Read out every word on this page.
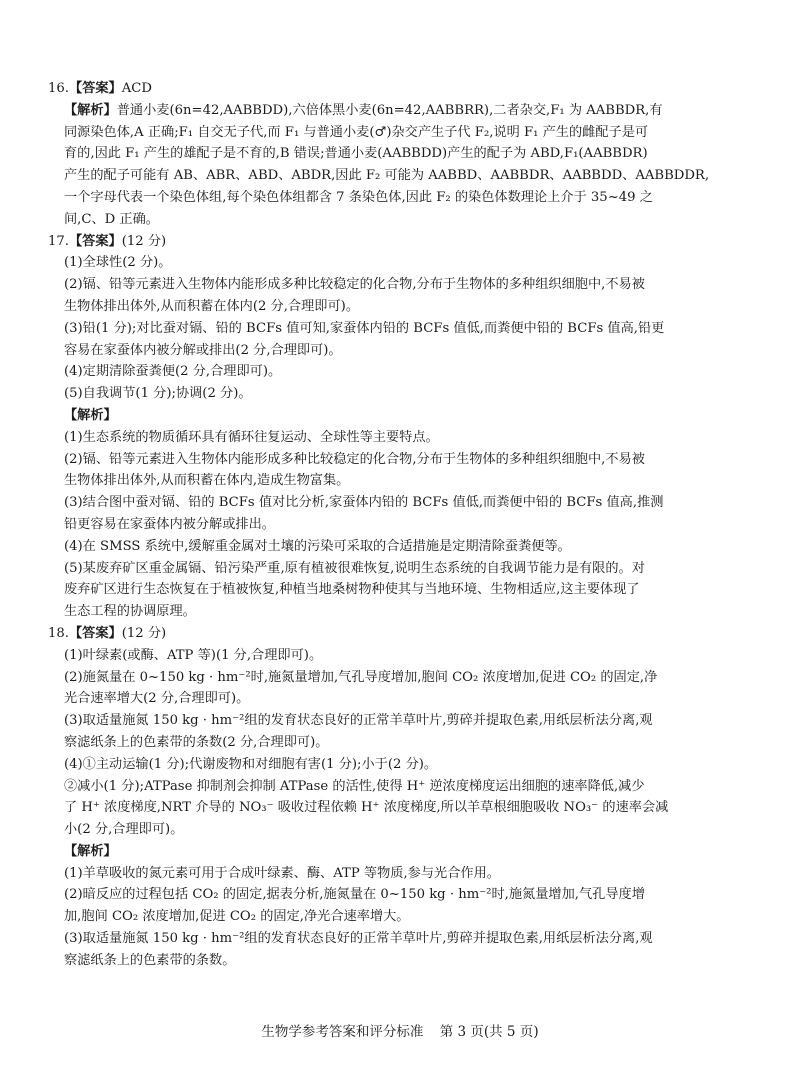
16.【答案】ACD

【解析】普通小麦(6n=42,AABBDD),六倍体黑小麦(6n=42,AABBRR),二者杂交,F₁ 为 AABBDR,有

同源染色体,A 正确;F₁ 自交无子代,而 F₁ 与普通小麦(♂)杂交产生子代 F₂,说明 F₁ 产生的雌配子是可

育的,因此 F₁ 产生的雄配子是不育的,B 错误;普通小麦(AABBDD)产生的配子为 ABD,F₁(AABBDR)

产生的配子可能有 AB、ABR、ABD、ABDR,因此 F₂ 可能为 AABBD、AABBDR、AABBDD、AABBDDR,

一个字母代表一个染色体组,每个染色体组都含 7 条染色体,因此 F₂ 的染色体数理论上介于 35~49 之

间,C、D 正确。

17.【答案】(12 分)

(1)全球性(2 分)。

(2)镉、铅等元素进入生物体内能形成多种比较稳定的化合物,分布于生物体的多种组织细胞中,不易被

生物体排出体外,从而积蓄在体内(2 分,合理即可)。

(3)铅(1 分);对比蚕对镉、铅的 BCFs 值可知,家蚕体内铅的 BCFs 值低,而粪便中铅的 BCFs 值高,铅更

容易在家蚕体内被分解或排出(2 分,合理即可)。

(4)定期清除蚕粪便(2 分,合理即可)。

(5)自我调节(1 分);协调(2 分)。

【解析】

(1)生态系统的物质循环具有循环往复运动、全球性等主要特点。

(2)镉、铅等元素进入生物体内能形成多种比较稳定的化合物,分布于生物体的多种组织细胞中,不易被

生物体排出体外,从而积蓄在体内,造成生物富集。

(3)结合图中蚕对镉、铅的 BCFs 值对比分析,家蚕体内铅的 BCFs 值低,而粪便中铅的 BCFs 值高,推测

铅更容易在家蚕体内被分解或排出。

(4)在 SMSS 系统中,缓解重金属对土壤的污染可采取的合适措施是定期清除蚕粪便等。

(5)某废弃矿区重金属镉、铅污染严重,原有植被很难恢复,说明生态系统的自我调节能力是有限的。对

废弃矿区进行生态恢复在于植被恢复,种植当地桑树物种使其与当地环境、生物相适应,这主要体现了

生态工程的协调原理。

18.【答案】(12 分)

(1)叶绿素(或酶、ATP 等)(1 分,合理即可)。

(2)施氮量在 0~150 kg · hm⁻²时,施氮量增加,气孔导度增加,胞间 CO₂ 浓度增加,促进 CO₂ 的固定,净

光合速率增大(2 分,合理即可)。

(3)取适量施氮 150 kg · hm⁻²组的发育状态良好的正常羊草叶片,剪碎并提取色素,用纸层析法分离,观

察滤纸条上的色素带的条数(2 分,合理即可)。

(4)①主动运输(1 分);代谢废物和对细胞有害(1 分);小于(2 分)。

②减小(1 分);ATPase 抑制剂会抑制 ATPase 的活性,使得 H⁺ 逆浓度梯度运出细胞的速率降低,减少

了 H⁺ 浓度梯度,NRT 介导的 NO₃⁻ 吸收过程依赖 H⁺ 浓度梯度,所以羊草根细胞吸收 NO₃⁻ 的速率会减

小(2 分,合理即可)。

【解析】

(1)羊草吸收的氮元素可用于合成叶绿素、酶、ATP 等物质,参与光合作用。

(2)暗反应的过程包括 CO₂ 的固定,据表分析,施氮量在 0~150 kg · hm⁻²时,施氮量增加,气孔导度增

加,胞间 CO₂ 浓度增加,促进 CO₂ 的固定,净光合速率增大。

(3)取适量施氮 150 kg · hm⁻²组的发育状态良好的正常羊草叶片,剪碎并提取色素,用纸层析法分离,观

察滤纸条上的色素带的条数。

生物学参考答案和评分标准 第 3 页(共 5 页)
